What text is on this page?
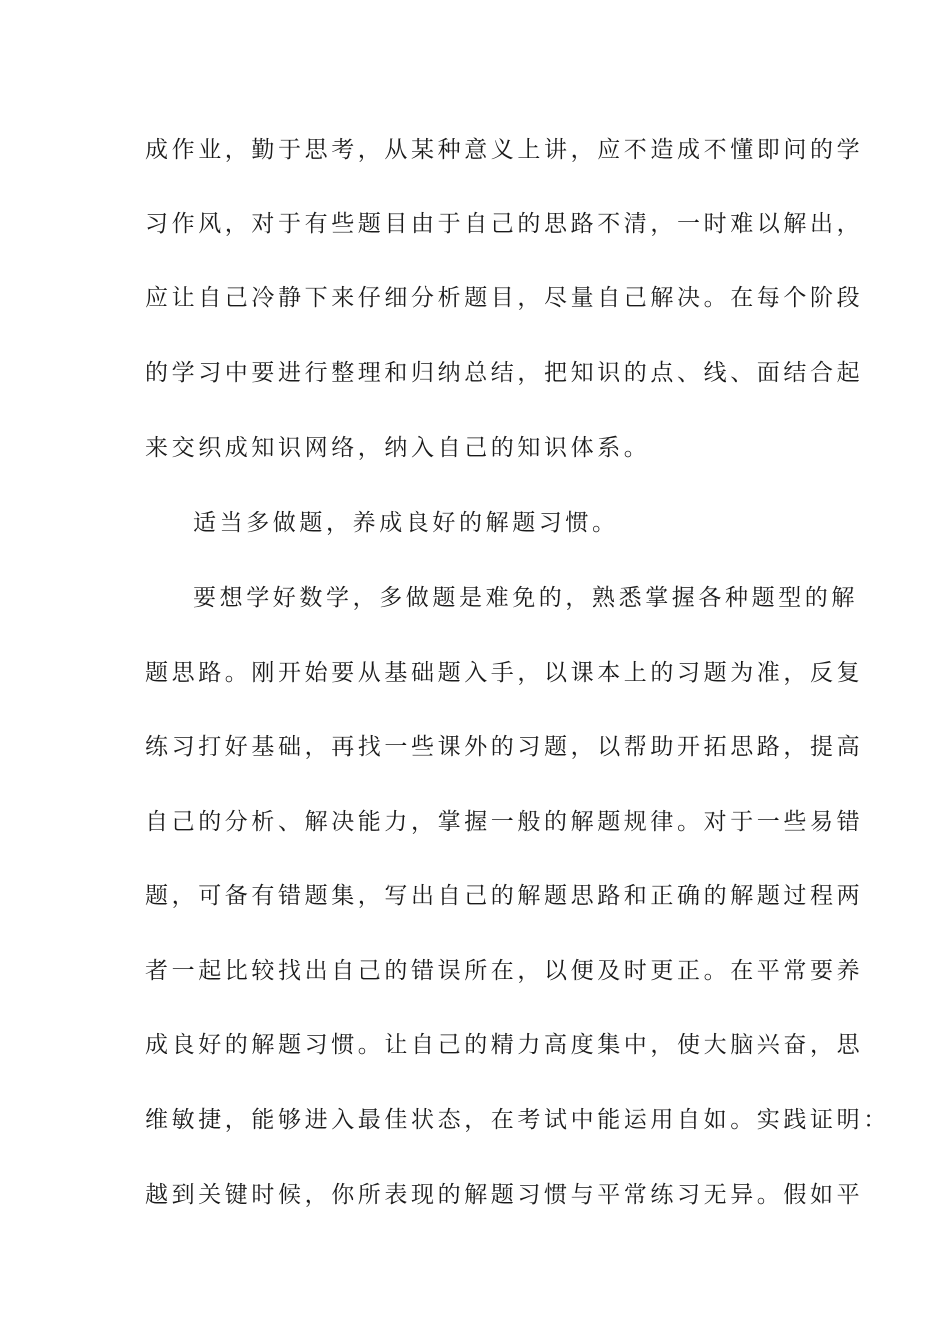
成作业，勤于思考，从某种意义上讲，应不造成不懂即问的学
习作风，对于有些题目由于自己的思路不清，一时难以解出，
应让自己冷静下来仔细分析题目，尽量自己解决。在每个阶段
的学习中要进行整理和归纳总结，把知识的点、线、面结合起
来交织成知识网络，纳入自己的知识体系。
适当多做题，养成良好的解题习惯。
要想学好数学，多做题是难免的，熟悉掌握各种题型的解
题思路。刚开始要从基础题入手，以课本上的习题为准，反复
练习打好基础，再找一些课外的习题，以帮助开拓思路，提高
自己的分析、解决能力，掌握一般的解题规律。对于一些易错
题，可备有错题集，写出自己的解题思路和正确的解题过程两
者一起比较找出自己的错误所在，以便及时更正。在平常要养
成良好的解题习惯。让自己的精力高度集中，使大脑兴奋，思
维敏捷，能够进入最佳状态，在考试中能运用自如。实践证明：
越到关键时候，你所表现的解题习惯与平常练习无异。假如平
